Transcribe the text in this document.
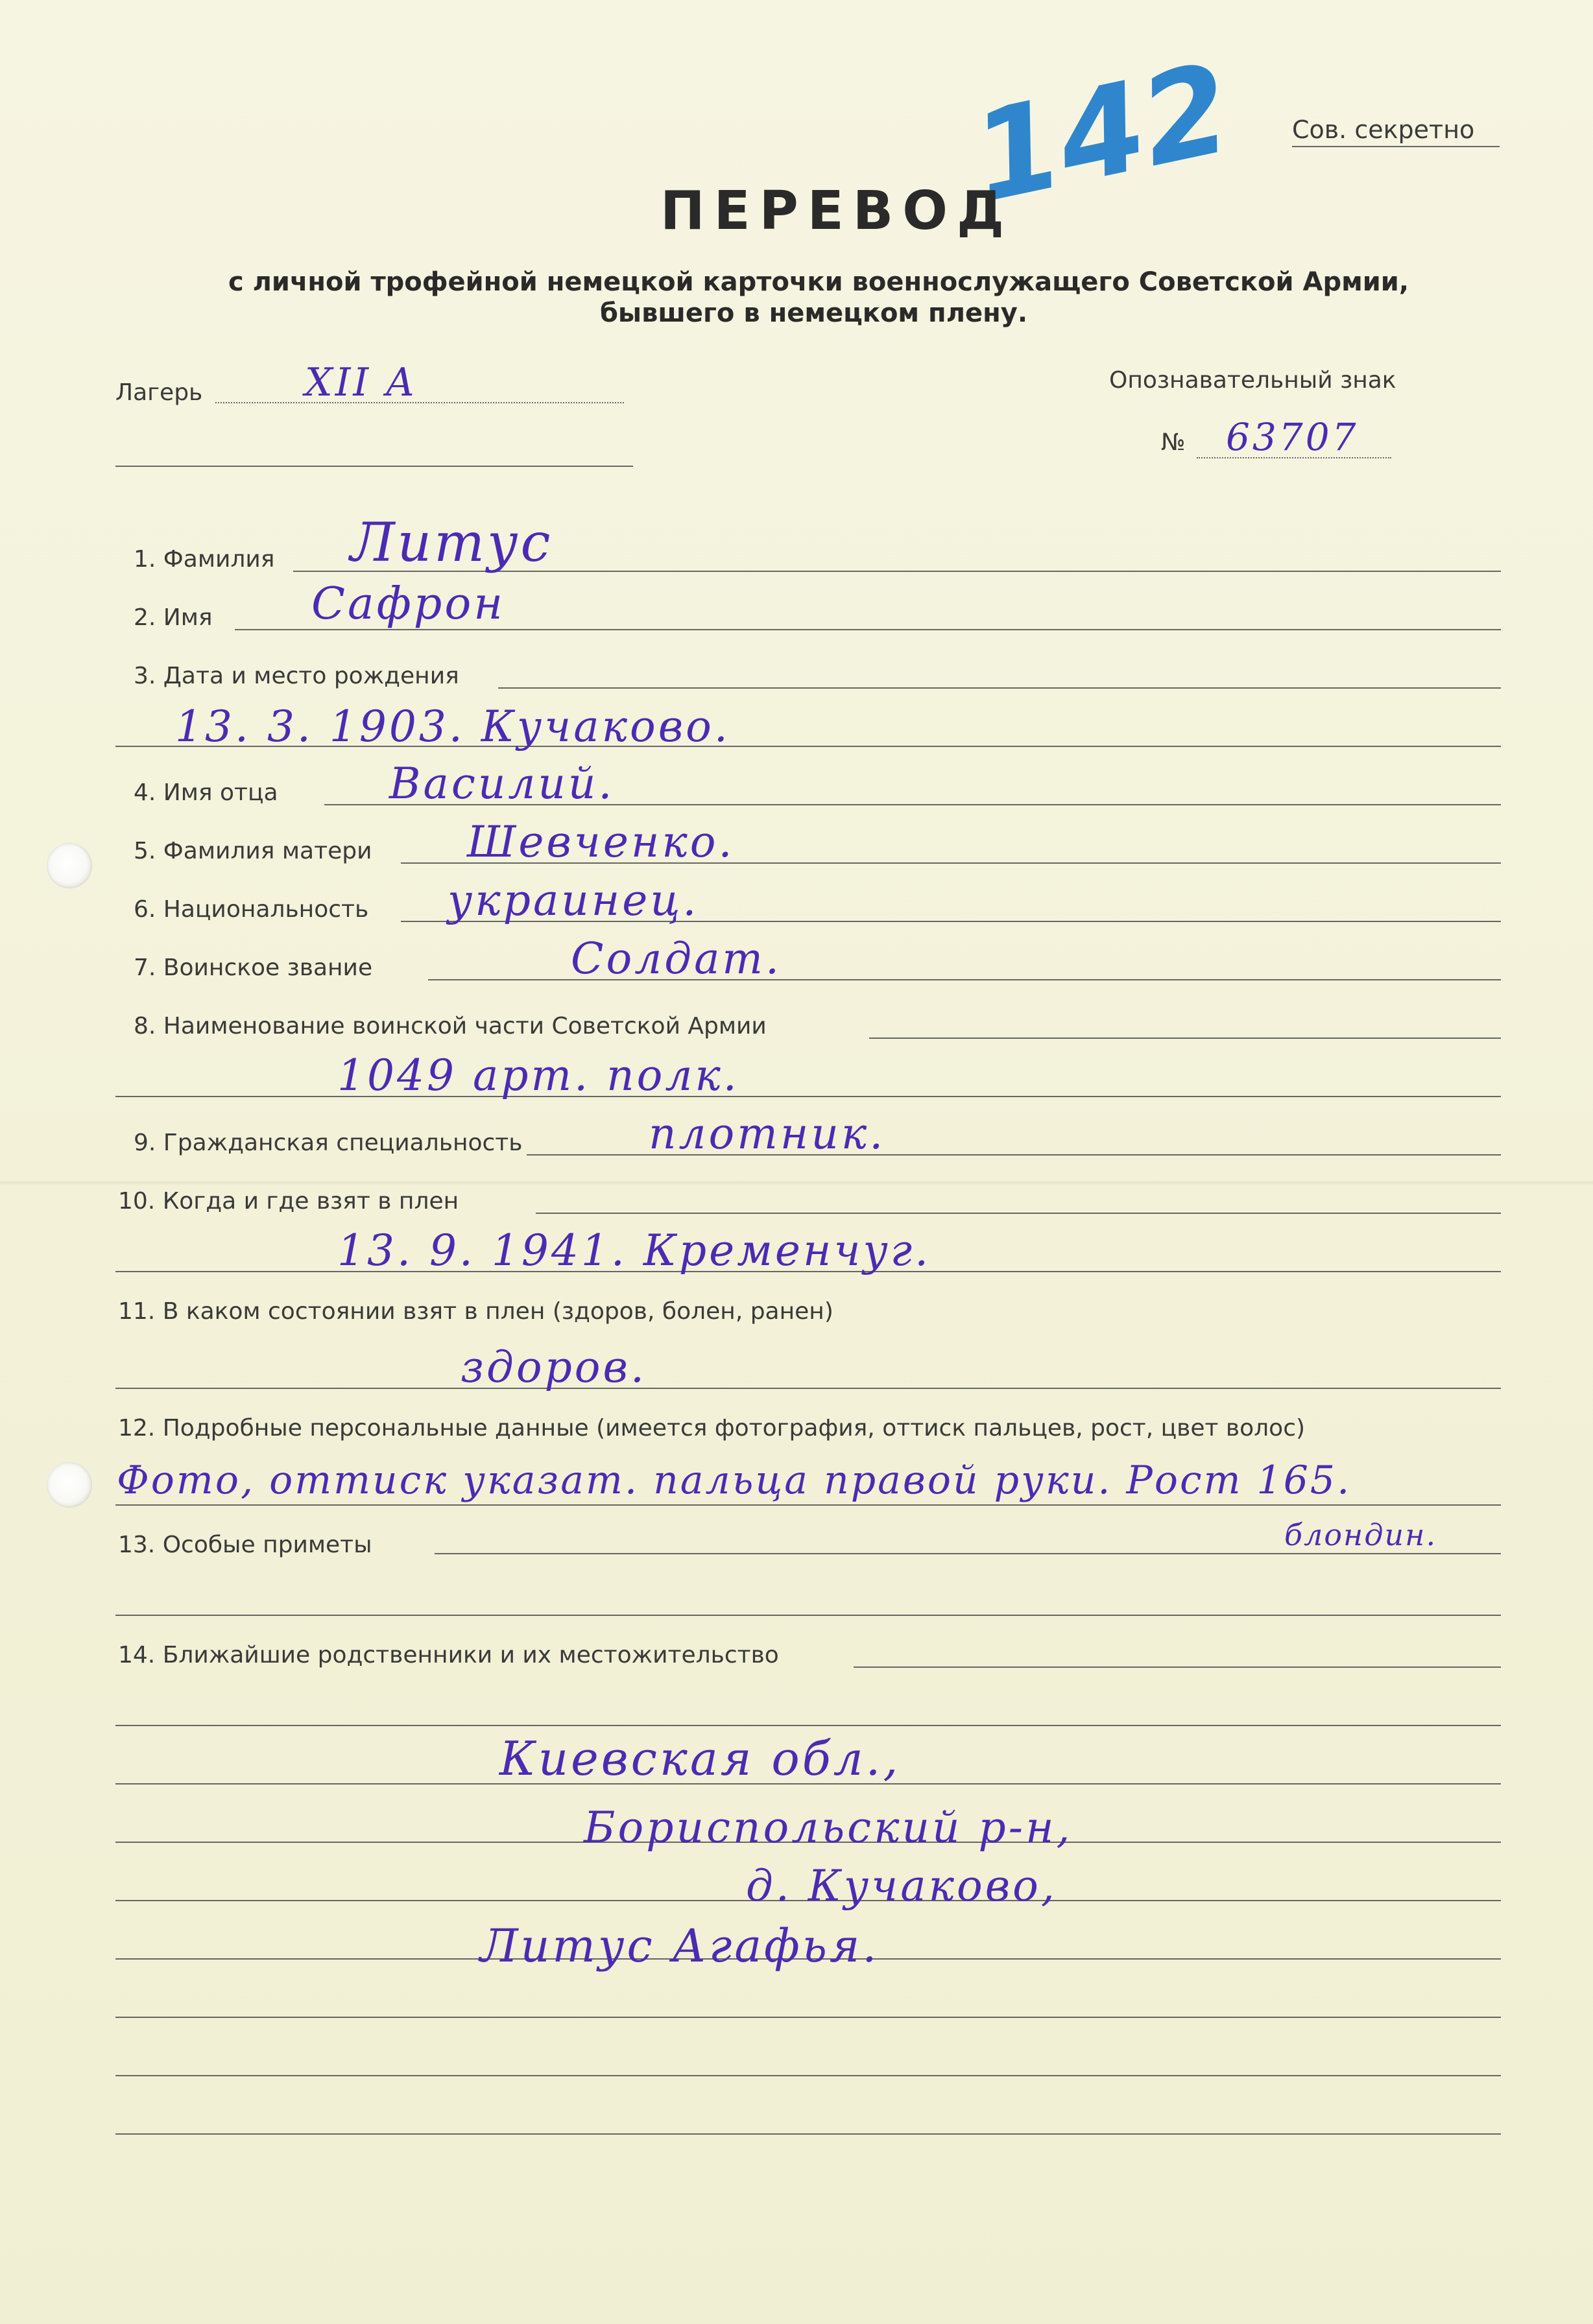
Сов. секретно
142
ПЕРЕВОД
с личной трофейной немецкой карточки военнослужащего Советской Армии,
бывшего в немецком плену.
Лагерь	XII A	Опознавательный знак
№ 63707
1. Фамилия Литус
2. Имя Сафрон
3. Дата и место рождения
13. 3. 1903. Кучаково.
4. Имя отца	Василий.
5. Фамилия матери Шевченко.
6. Национальность украинец.
7. Воинское звание	Солдат.
8. Наименование воинской части Советской Армии
1049 арт. полк.
9. Гражданская специальность	плотник.
10. Когда и где взят в плен
13. 9. 1941. Кременчуг.
11. В каком состоянии взят в плен (здоров, болен, ранен)
здоров.
12. Подробные персональные данные (имеется фотография, оттиск пальцев, рост, цвет волос)
Фото, оттиск указат. пальца правой руки. Рост 165.
13. Особые приметы	блондин.
14. Ближайшие родственники и их местожительство
Киевская обл.,
Бориспольский р-н,
д. Кучаково,
Литус Агафья.
